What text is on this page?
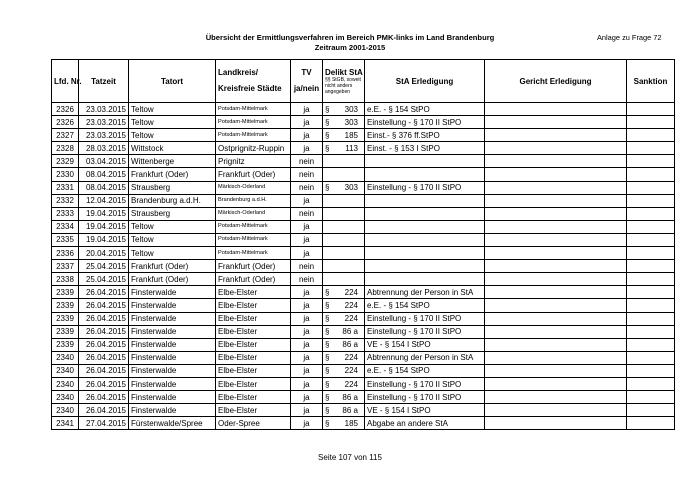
Übersicht der Ermittlungsverfahren im Bereich PMK-links im Land Brandenburg
Zeitraum 2001-2015
Anlage zu Frage 72
Lfd. Nr.	Tatzeit	Tatort	Landkreis/
Kreisfreie Städte	TV
ja/nein	Delikt StA
§§ StGB, soweit
nicht anders
angegeben	StA Erledigung	Gericht Erledigung	Sanktion
2326	23.03.2015	Teltow	Potsdam-Mittelmark	ja	§ 303	e.E. - § 154 StPO		
2326	23.03.2015	Teltow	Potsdam-Mittelmark	ja	§ 303	Einstellung - § 170 II StPO		
2327	23.03.2015	Teltow	Potsdam-Mittelmark	ja	§ 185	Einst.- § 376 ff.StPO		
2328	28.03.2015	Wittstock	Ostprignitz-Ruppin	ja	§ 113	Einst. - § 153 I StPO		
2329	03.04.2015	Wittenberge	Prignitz	nein				
2330	08.04.2015	Frankfurt (Oder)	Frankfurt (Oder)	nein				
2331	08.04.2015	Strausberg	Märkisch-Oderland	nein	§ 303	Einstellung - § 170 II StPO		
2332	12.04.2015	Brandenburg a.d.H.	Brandenburg a.d.H.	ja				
2333	19.04.2015	Strausberg	Märkisch-Oderland	nein				
2334	19.04.2015	Teltow	Potsdam-Mittelmark	ja				
2335	19.04.2015	Teltow	Potsdam-Mittelmark	ja				
2336	20.04.2015	Teltow	Potsdam-Mittelmark	ja				
2337	25.04.2015	Frankfurt (Oder)	Frankfurt (Oder)	nein				
2338	25.04.2015	Frankfurt (Oder)	Frankfurt (Oder)	nein				
2339	26.04.2015	Finsterwalde	Elbe-Elster	ja	§ 224	Abtrennung der Person in StA		
2339	26.04.2015	Finsterwalde	Elbe-Elster	ja	§ 224	e.E. - § 154 StPO		
2339	26.04.2015	Finsterwalde	Elbe-Elster	ja	§ 224	Einstellung - § 170 II StPO		
2339	26.04.2015	Finsterwalde	Elbe-Elster	ja	§ 86 a	Einstellung - § 170 II StPO		
2339	26.04.2015	Finsterwalde	Elbe-Elster	ja	§ 86 a	VE - § 154 I StPO		
2340	26.04.2015	Finsterwalde	Elbe-Elster	ja	§ 224	Abtrennung der Person in StA		
2340	26.04.2015	Finsterwalde	Elbe-Elster	ja	§ 224	e.E. - § 154 StPO		
2340	26.04.2015	Finsterwalde	Elbe-Elster	ja	§ 224	Einstellung - § 170 II StPO		
2340	26.04.2015	Finsterwalde	Elbe-Elster	ja	§ 86 a	Einstellung - § 170 II StPO		
2340	26.04.2015	Finsterwalde	Elbe-Elster	ja	§ 86 a	VE - § 154 I StPO		
2341	27.04.2015	Fürstenwalde/Spree	Oder-Spree	ja	§ 185	Abgabe an andere StA		
Seite 107 von 115
